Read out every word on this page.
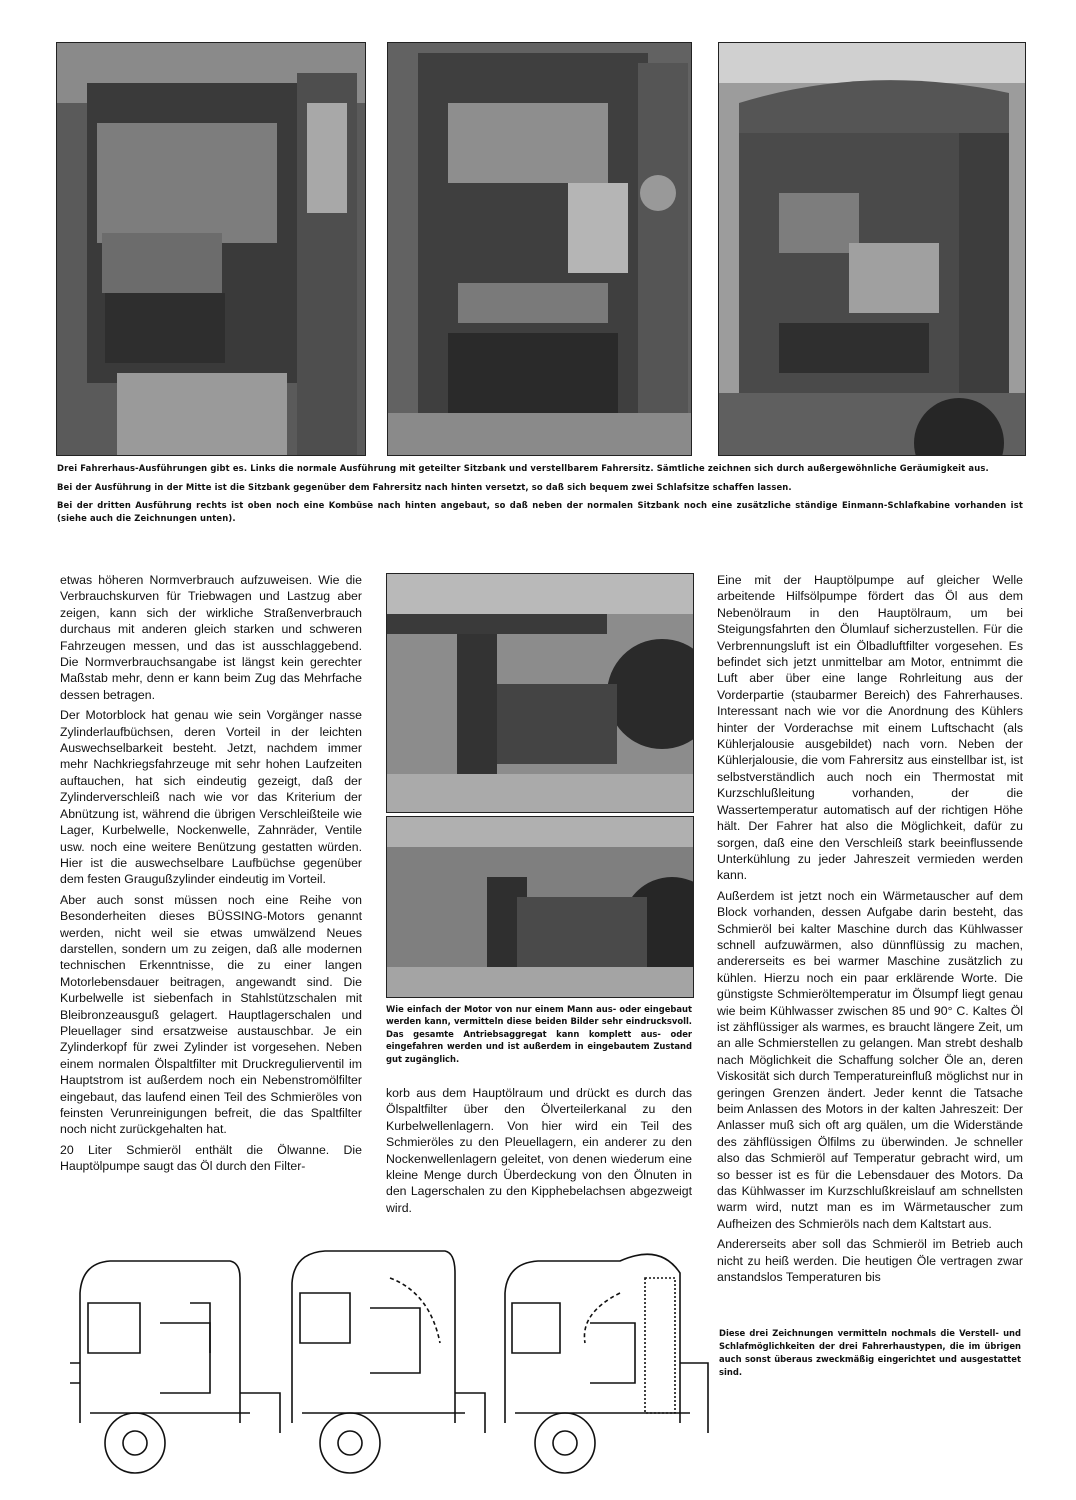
Drei Fahrerhaus-Ausführungen gibt es. Links die normale Ausführung mit geteilter Sitzbank und verstellbarem Fahrersitz. Sämtliche zeichnen sich durch außergewöhnliche Geräumigkeit aus.

Bei der Ausführung in der Mitte ist die Sitzbank gegenüber dem Fahrersitz nach hinten versetzt, so daß sich bequem zwei Schlafsitze schaffen lassen.

Bei der dritten Ausführung rechts ist oben noch eine Kombüse nach hinten angebaut, so daß neben der normalen Sitzbank noch eine zusätzliche ständige Einmann-Schlafkabine vorhanden ist (siehe auch die Zeichnungen unten).

etwas höheren Normverbrauch aufzuweisen. Wie die Verbrauchskurven für Triebwagen und Lastzug aber zeigen, kann sich der wirkliche Straßenverbrauch durchaus mit anderen gleich starken und schweren Fahrzeugen messen, und das ist ausschlaggebend. Die Normverbrauchsangabe ist längst kein gerechter Maßstab mehr, denn er kann beim Zug das Mehrfache dessen betragen.

Der Motorblock hat genau wie sein Vorgänger nasse Zylinderlaufbüchsen, deren Vorteil in der leichten Auswechselbarkeit besteht. Jetzt, nachdem immer mehr Nachkriegsfahrzeuge mit sehr hohen Laufzeiten auftauchen, hat sich eindeutig gezeigt, daß der Zylinderverschleiß nach wie vor das Kriterium der Abnützung ist, während die übrigen Verschleißteile wie Lager, Kurbelwelle, Nockenwelle, Zahnräder, Ventile usw. noch eine weitere Benützung gestatten würden. Hier ist die auswechselbare Laufbüchse gegenüber dem festen Graugußzylinder eindeutig im Vorteil.

Aber auch sonst müssen noch eine Reihe von Besonderheiten dieses BÜSSING-Motors genannt werden, nicht weil sie etwas umwälzend Neues darstellen, sondern um zu zeigen, daß alle modernen technischen Erkenntnisse, die zu einer langen Motorlebensdauer beitragen, angewandt sind. Die Kurbelwelle ist siebenfach in Stahlstützschalen mit Bleibronzeausguß gelagert. Hauptlagerschalen und Pleuellager sind ersatzweise austauschbar. Je ein Zylinderkopf für zwei Zylinder ist vorgesehen. Neben einem normalen Ölspaltfilter mit Druckregulierventil im Hauptstrom ist außerdem noch ein Nebenstromölfilter eingebaut, das laufend einen Teil des Schmieröles von feinsten Verunreinigungen befreit, die das Spaltfilter noch nicht zurückgehalten hat.

20 Liter Schmieröl enthält die Ölwanne. Die Hauptölpumpe saugt das Öl durch den Filter-

Wie einfach der Motor von nur einem Mann aus- oder eingebaut werden kann, vermitteln diese beiden Bilder sehr eindrucksvoll. Das gesamte Antriebsaggregat kann komplett aus- oder eingefahren werden und ist außerdem in eingebautem Zustand gut zugänglich.

korb aus dem Hauptölraum und drückt es durch das Ölspaltfilter über den Ölverteilerkanal zu den Kurbelwellenlagern. Von hier wird ein Teil des Schmieröles zu den Pleuellagern, ein anderer zu den Nockenwellenlagern geleitet, von denen wiederum eine kleine Menge durch Überdeckung von den Ölnuten in den Lagerschalen zu den Kipphebelachsen abgezweigt wird.

Eine mit der Hauptölpumpe auf gleicher Welle arbeitende Hilfsölpumpe fördert das Öl aus dem Nebenölraum in den Hauptölraum, um bei Steigungsfahrten den Ölumlauf sicherzustellen. Für die Verbrennungsluft ist ein Ölbadluftfilter vorgesehen. Es befindet sich jetzt unmittelbar am Motor, entnimmt die Luft aber über eine lange Rohrleitung aus der Vorderpartie (staubarmer Bereich) des Fahrerhauses. Interessant nach wie vor die Anordnung des Kühlers hinter der Vorderachse mit einem Luftschacht (als Kühlerjalousie ausgebildet) nach vorn. Neben der Kühlerjalousie, die vom Fahrersitz aus einstellbar ist, ist selbstverständlich auch noch ein Thermostat mit Kurzschlußleitung vorhanden, der die Wassertemperatur automatisch auf der richtigen Höhe hält. Der Fahrer hat also die Möglichkeit, dafür zu sorgen, daß eine den Verschleiß stark beeinflussende Unterkühlung zu jeder Jahreszeit vermieden werden kann.

Außerdem ist jetzt noch ein Wärmetauscher auf dem Block vorhanden, dessen Aufgabe darin besteht, das Schmieröl bei kalter Maschine durch das Kühlwasser schnell aufzuwärmen, also dünnflüssig zu machen, andererseits es bei warmer Maschine zusätzlich zu kühlen. Hierzu noch ein paar erklärende Worte. Die günstigste Schmieröltemperatur im Ölsumpf liegt genau wie beim Kühlwasser zwischen 85 und 90° C. Kaltes Öl ist zähflüssiger als warmes, es braucht längere Zeit, um an alle Schmierstellen zu gelangen. Man strebt deshalb nach Möglichkeit die Schaffung solcher Öle an, deren Viskosität sich durch Temperatureinfluß möglichst nur in geringen Grenzen ändert. Jeder kennt die Tatsache beim Anlassen des Motors in der kalten Jahreszeit: Der Anlasser muß sich oft arg quälen, um die Widerstände des zähflüssigen Ölfilms zu überwinden. Je schneller also das Schmieröl auf Temperatur gebracht wird, um so besser ist es für die Lebensdauer des Motors. Da das Kühlwasser im Kurzschlußkreislauf am schnellsten warm wird, nutzt man es im Wärmetauscher zum Aufheizen des Schmieröls nach dem Kaltstart aus.

Andererseits aber soll das Schmieröl im Betrieb auch nicht zu heiß werden. Die heutigen Öle vertragen zwar anstandslos Temperaturen bis

Diese drei Zeichnungen vermitteln nochmals die Verstell- und Schlafmöglichkeiten der drei Fahrerhaustypen, die im übrigen auch sonst überaus zweckmäßig eingerichtet und ausgestattet sind.
